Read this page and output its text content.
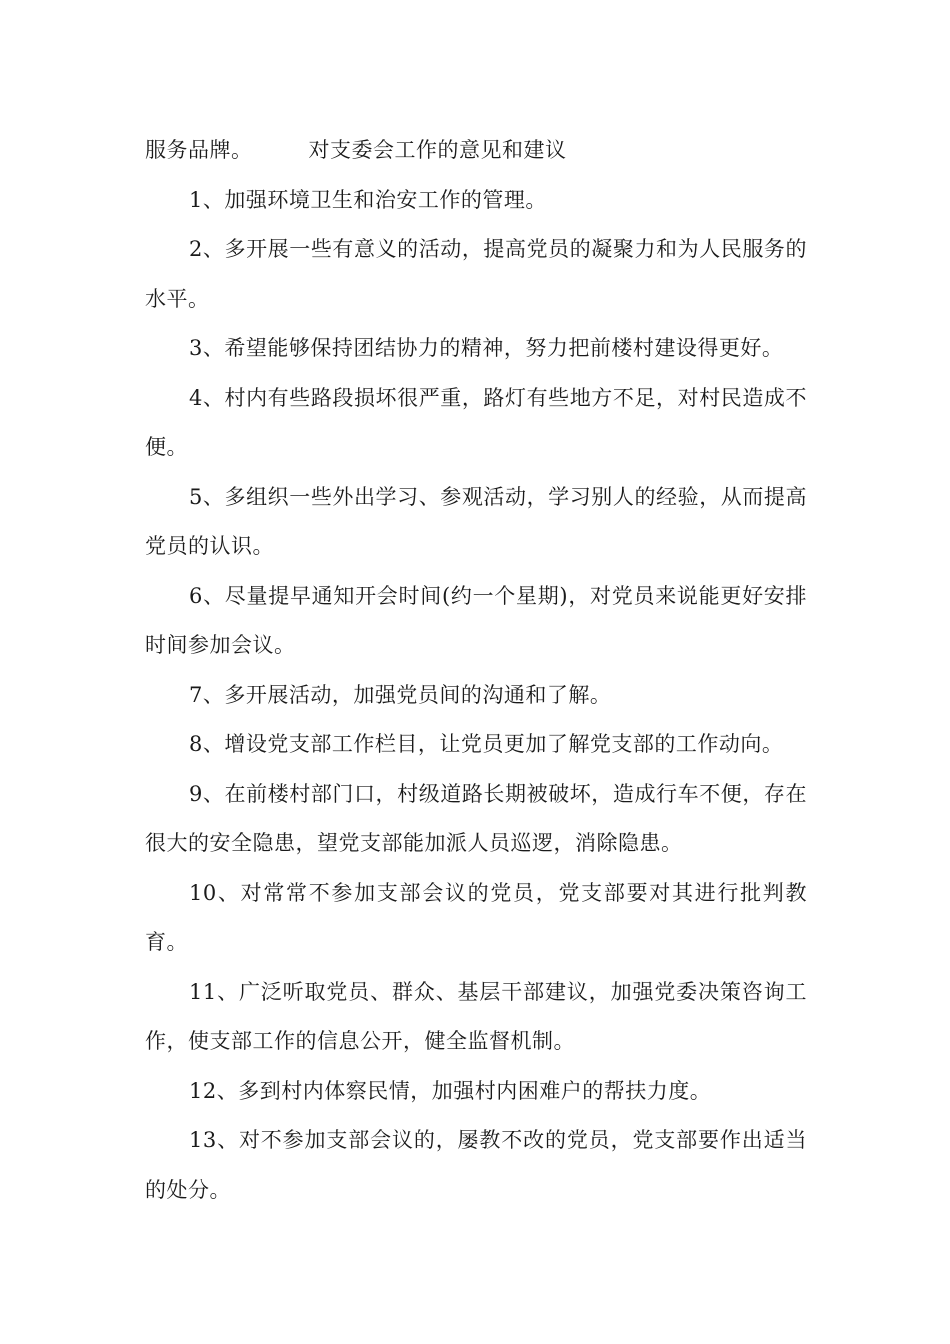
服务品牌。	对支委会工作的意见和建议

1、加强环境卫生和治安工作的管理。

2、多开展一些有意义的活动，提高党员的凝聚力和为人民服务的水平。

3、希望能够保持团结协力的精神，努力把前楼村建设得更好。

4、村内有些路段损坏很严重，路灯有些地方不足，对村民造成不便。

5、多组织一些外出学习、参观活动，学习别人的经验，从而提高党员的认识。

6、尽量提早通知开会时间(约一个星期)，对党员来说能更好安排时间参加会议。

7、多开展活动，加强党员间的沟通和了解。

8、增设党支部工作栏目，让党员更加了解党支部的工作动向。

9、在前楼村部门口，村级道路长期被破坏，造成行车不便，存在很大的安全隐患，望党支部能加派人员巡逻，消除隐患。

10、对常常不参加支部会议的党员，党支部要对其进行批判教育。

11、广泛听取党员、群众、基层干部建议，加强党委决策咨询工作，使支部工作的信息公开，健全监督机制。

12、多到村内体察民情，加强村内困难户的帮扶力度。

13、对不参加支部会议的，屡教不改的党员，党支部要作出适当的处分。
